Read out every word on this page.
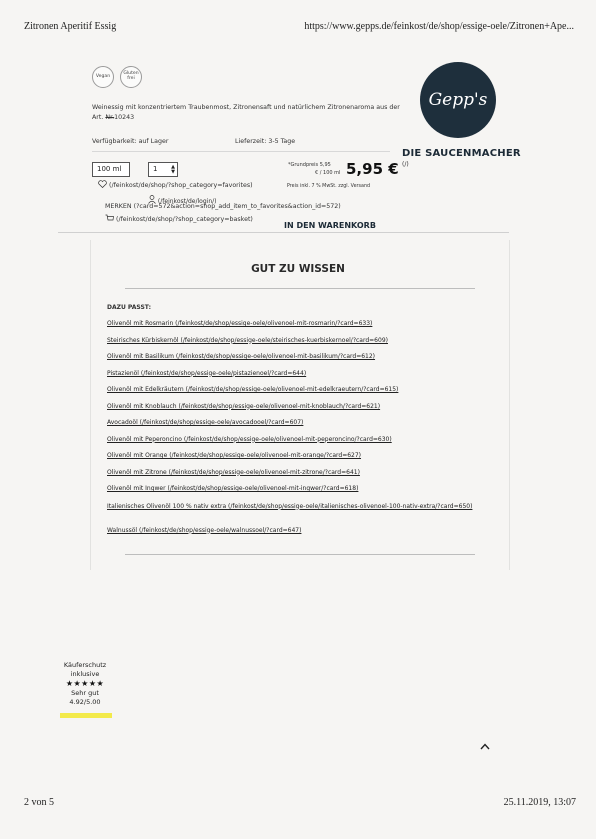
Zitronen Aperitif Essig	https://www.gepps.de/feinkost/de/shop/essige-oele/Zitronen+Ape...
Vegan	Gluten frei
Gepp's
Weinessig mit konzentriertem Traubenmost, Zitronensaft und natürlichem Zitronenaroma aus der
Art. Nr.10243
Verfügbarkeit: auf Lager	Lieferzeit: 3-5 Tage
DIE SAUCENMACHER
(/)
100 ml	1	▲
▼
(/feinkost/de/shop/?shop_category=favorites)
*Grundpreis 5,95
€ / 100 ml 5,95 €
Preis inkl. 7 % MwSt. zzgl. Versand
(/feinkost/de/login/)
MERKEN (?card=572&action=shop_add_item_to_favorites&action_id=572)
(/feinkost/de/shop/?shop_category=basket)
IN DEN WARENKORB
GUT ZU WISSEN
DAZU PASST:
Olivenöl mit Rosmarin (/feinkost/de/shop/essige-oele/olivenoel-mit-rosmarin/?card=633)
Steirisches Kürbiskernöl (/feinkost/de/shop/essige-oele/steirisches-kuerbiskernoel/?card=609)
Olivenöl mit Basilikum (/feinkost/de/shop/essige-oele/olivenoel-mit-basilikum/?card=612)
Pistazienöl (/feinkost/de/shop/essige-oele/pistazienoel/?card=644)
Olivenöl mit Edelkräutern (/feinkost/de/shop/essige-oele/olivenoel-mit-edelkraeutern/?card=615)
Olivenöl mit Knoblauch (/feinkost/de/shop/essige-oele/olivenoel-mit-knoblauch/?card=621)
Avocadoöl (/feinkost/de/shop/essige-oele/avocadooel/?card=607)
Olivenöl mit Peperoncino (/feinkost/de/shop/essige-oele/olivenoel-mit-peperoncino/?card=630)
Olivenöl mit Orange (/feinkost/de/shop/essige-oele/olivenoel-mit-orange/?card=627)
Olivenöl mit Zitrone (/feinkost/de/shop/essige-oele/olivenoel-mit-zitrone/?card=641)
Olivenöl mit Ingwer (/feinkost/de/shop/essige-oele/olivenoel-mit-ingwer/?card=618)
Italienisches Olivenöl 100 % nativ extra (/feinkost/de/shop/essige-oele/italienisches-olivenoel-100-nativ-extra/?card=650)
Walnussöl (/feinkost/de/shop/essige-oele/walnussoel/?card=647)
Käuferschutz
inklusive
★★★★★
Sehr gut
4.92/5.00
2 von 5	25.11.2019, 13:07
